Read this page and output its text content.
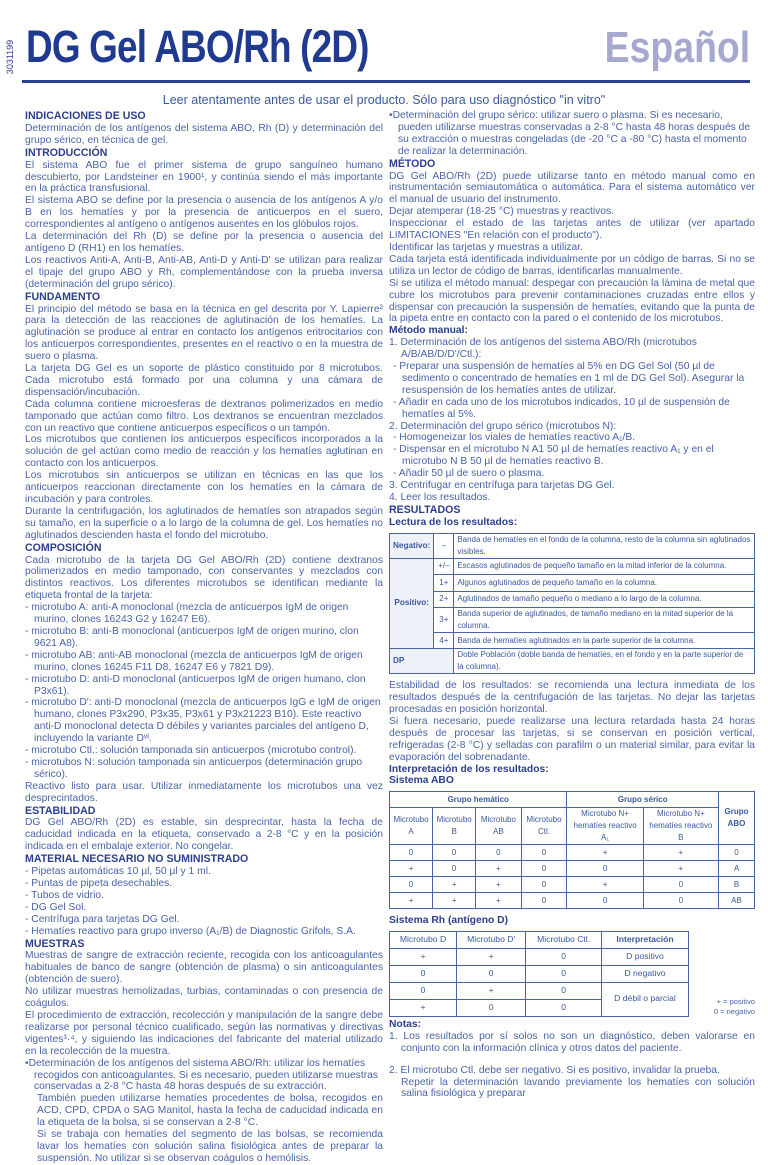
3031199 DG Gel ABO/Rh (2D)	Español
Leer atentamente antes de usar el producto. Sólo para uso diagnóstico "in vitro"
INDICACIONES DE USO

Determinación de los antígenos del sistema ABO, Rh (D) y determinación del grupo sérico, en técnica de gel.

INTRODUCCIÓN

El sistema ABO fue el primer sistema de grupo sanguíneo humano descubierto, por Landsteiner en 1900¹, y continúa siendo el más importante en la práctica transfusional.

El sistema ABO se define por la presencia o ausencia de los antígenos A y/o B en los hematíes y por la presencia de anticuerpos en el suero, correspondientes al antígeno o antígenos ausentes en los glóbulos rojos.

La determinación del Rh (D) se define por la presencia o ausencia del antígeno D (RH1) en los hematíes.

Los reactivos Anti-A, Anti-B, Anti-AB, Anti-D y Anti-D' se utilizan para realizar el tipaje del grupo ABO y Rh, complementándose con la prueba inversa (determinación del grupo sérico).

FUNDAMENTO

El principio del método se basa en la técnica en gel descrita por Y. Lapierre² para la detección de las reacciones de aglutinación de los hematíes. La aglutinación se produce al entrar en contacto los antígenos eritrocitarios con los anticuerpos correspondientes, presentes en el reactivo o en la muestra de suero o plasma.

La tarjeta DG Gel es un soporte de plástico constituido por 8 microtubos. Cada microtubo está formado por una columna y una cámara de dispensación/incubación.

Cada columna contiene microesferas de dextranos polimerizados en medio tamponado que actúan como filtro. Los dextranos se encuentran mezclados con un reactivo que contiene anticuerpos específicos o un tampón.

Los microtubos que contienen los anticuerpos específicos incorporados a la solución de gel actúan como medio de reacción y los hematíes aglutinan en contacto con los anticuerpos.

Los microtubos sin anticuerpos se utilizan en técnicas en las que los anticuerpos reaccionan directamente con los hematíes en la cámara de incubación y para controles.

Durante la centrifugación, los aglutinados de hematíes son atrapados según su tamaño, en la superficie o a lo largo de la columna de gel. Los hematíes no aglutinados descienden hasta el fondo del microtubo.

COMPOSICIÓN

Cada microtubo de la tarjeta DG Gel ABO/Rh (2D) contiene dextranos polimerizados en medio tamponado, con conservantes y mezclados con distintos reactivos. Los diferentes microtubos se identifican mediante la etiqueta frontal de la tarjeta:

- microtubo A: anti-A monoclonal (mezcla de anticuerpos IgM de origen murino, clones 16243 G2 y 16247 E6).
- microtubo B: anti-B monoclonal (anticuerpos IgM de origen murino, clon 9621 A8).
- microtubo AB: anti-AB monoclonal (mezcla de anticuerpos IgM de origen murino, clones 16245 F11 D8, 16247 E6 y 7821 D9).
- microtubo D: anti-D monoclonal (anticuerpos IgM de origen humano, clon P3x61).
- microtubo D': anti-D monoclonal (mezcla de anticuerpos IgG e IgM de origen humano, clones P3x290, P3x35, P3x61 y P3x21223 B10). Este reactivo anti-D monoclonal detecta D débiles y variantes parciales del antígeno D, incluyendo la variante Dᵛᴵ.
- microtubo Ctl.: solución tamponada sin anticuerpos (microtubo control).
- microtubos N: solución tamponada sin anticuerpos (determinación grupo sérico).

Reactivo listo para usar. Utilizar inmediatamente los microtubos una vez desprecintados.

ESTABILIDAD

DG Gel ABO/Rh (2D) es estable, sin desprecintar, hasta la fecha de caducidad indicada en la etiqueta, conservado a 2-8 °C y en la posición indicada en el embalaje exterior. No congelar.

MATERIAL NECESARIO NO SUMINISTRADO
- Pipetas automáticas 10 µl, 50 µl y 1 ml.
- Puntas de pipeta desechables.
- Tubos de vidrio.
- DG Gel Sol.
- Centrífuga para tarjetas DG Gel.
- Hematíes reactivo para grupo inverso (A₁/B) de Diagnostic Grifols, S.A.
MUESTRAS

Muestras de sangre de extracción reciente, recogida con los anticoagulantes habituales de banco de sangre (obtención de plasma) o sin anticoagulantes (obtención de suero).

No utilizar muestras hemolizadas, turbias, contaminadas o con presencia de coágulos.

El procedimiento de extracción, recolección y manipulación de la sangre debe realizarse por personal técnico cualificado, según las normativas y directivas vigentes³·⁴, y siguiendo las indicaciones del fabricante del material utilizado en la recolección de la muestra.

• Determinación de los antígenos del sistema ABO/Rh: utilizar los hematíes recogidos con anticoagulantes. Si es necesario, pueden utilizarse muestras conservadas a 2-8 °C hasta 48 horas después de su extracción.

También pueden utilizarse hematíes procedentes de bolsa, recogidos en ACD, CPD, CPDA o SAG Manitol, hasta la fecha de caducidad indicada en la etiqueta de la bolsa, si se conservan a 2-8 °C.

Si se trabaja con hematíes del segmento de las bolsas, se recomienda lavar los hematíes con solución salina fisiológica antes de preparar la suspensión. No utilizar si se observan coágulos o hemólisis.

• Determinación del grupo sérico: utilizar suero o plasma. Si es necesario, pueden utilizarse muestras conservadas a 2-8 °C hasta 48 horas después de su extracción o muestras congeladas (de -20 °C a -80 °C) hasta el momento de realizar la determinación.
MÉTODO

DG Gel ABO/Rh (2D) puede utilizarse tanto en método manual como en instrumentación semiautomática o automática. Para el sistema automático ver el manual de usuario del instrumento.

Dejar atemperar (18-25 °C) muestras y reactivos.

Inspeccionar el estado de las tarjetas antes de utilizar (ver apartado LIMITACIONES "En relación con el producto").

Identificar las tarjetas y muestras a utilizar.

Cada tarjeta está identificada individualmente por un código de barras. Si no se utiliza un lector de código de barras, identificarlas manualmente.

Si se utiliza el método manual: despegar con precaución la lámina de metal que cubre los microtubos para prevenir contaminaciones cruzadas entre ellos y dispensar con precaución la suspensión de hematíes, evitando que la punta de la pipeta entre en contacto con la pared o el contenido de los microtubos.

Método manual:
1. Determinación de los antígenos del sistema ABO/Rh (microtubos A/B/AB/D/D'/Ctl.):
- Preparar una suspensión de hematíes al 5% en DG Gel Sol (50 µl de sedimento o concentrado de hematíes en 1 ml de DG Gel Sol). Asegurar la resuspensión de los hematíes antes de utilizar.
- Añadir en cada uno de los microtubos indicados, 10 µl de suspensión de hematíes al 5%.
2. Determinación del grupo sérico (microtubos N):
- Homogeneizar los viales de hematíes reactivo A₁/B.
- Dispensar en el microtubo N A1 50 µl de hematíes reactivo A₁ y en el microtubo N B 50 µl de hematíes reactivo B.
- Añadir 50 µl de suero o plasma.
3. Centrifugar en centrífuga para tarjetas DG Gel.
4. Leer los resultados.
RESULTADOS
Lectura de los resultados:
Negativo:	–	Banda de hematíes en el fondo de la columna, resto de la columna sin aglutinados visibles.
Positivo:	+/–	Escasos aglutinados de pequeño tamaño en la mitad inferior de la columna.
	1+	Algunos aglutinados de pequeño tamaño en la columna.
	2+	Aglutinados de tamaño pequeño o mediano a lo largo de la columna.
	3+	Banda superior de aglutinados, de tamaño mediano en la mitad superior de la columna.
	4+	Banda de hematíes aglutinados en la parte superior de la columna.
DP		Doble Población (doble banda de hematíes, en el fondo y en la parte superior de la columna).

Estabilidad de los resultados: se recomienda una lectura inmediata de los resultados después de la centrifugación de las tarjetas. No dejar las tarjetas procesadas en posición horizontal.

Si fuera necesario, puede realizarse una lectura retardada hasta 24 horas después de procesar las tarjetas, si se conservan en posición vertical, refrigeradas (2-8 °C) y selladas con parafilm o un material similar, para evitar la evaporación del sobrenadante.

Interpretación de los resultados:
Sistema ABO
Grupo hemático				Grupo sérico		Grupo ABO
Microtubo A	Microtubo B	Microtubo AB	Microtubo Ctl.	Microtubo N+ hematíes reactivo A₁	Microtubo N+ hematíes reactivo B	
0	0	0	0	+	+	0
+	0	+	0	0	+	A
0	+	+	0	+	0	B
+	+	+	0	0	0	AB
Sistema Rh (antígeno D)
Microtubo D	Microtubo D'	Microtubo Ctl.	Interpretación
+	+	0	D positivo
0	0	0	D negativo
0	+	0	D débil o parcial
+	0	0	
+ = positivo
0 = negativo
Notas:

1. Los resultados por sí solos no son un diagnóstico, deben valorarse en conjunto con la información clínica y otros datos del paciente.

2. El microtubo Ctl. debe ser negativo. Si es positivo, invalidar la prueba.

Repetir la determinación lavando previamente los hematíes con solución salina fisiológica y preparar
